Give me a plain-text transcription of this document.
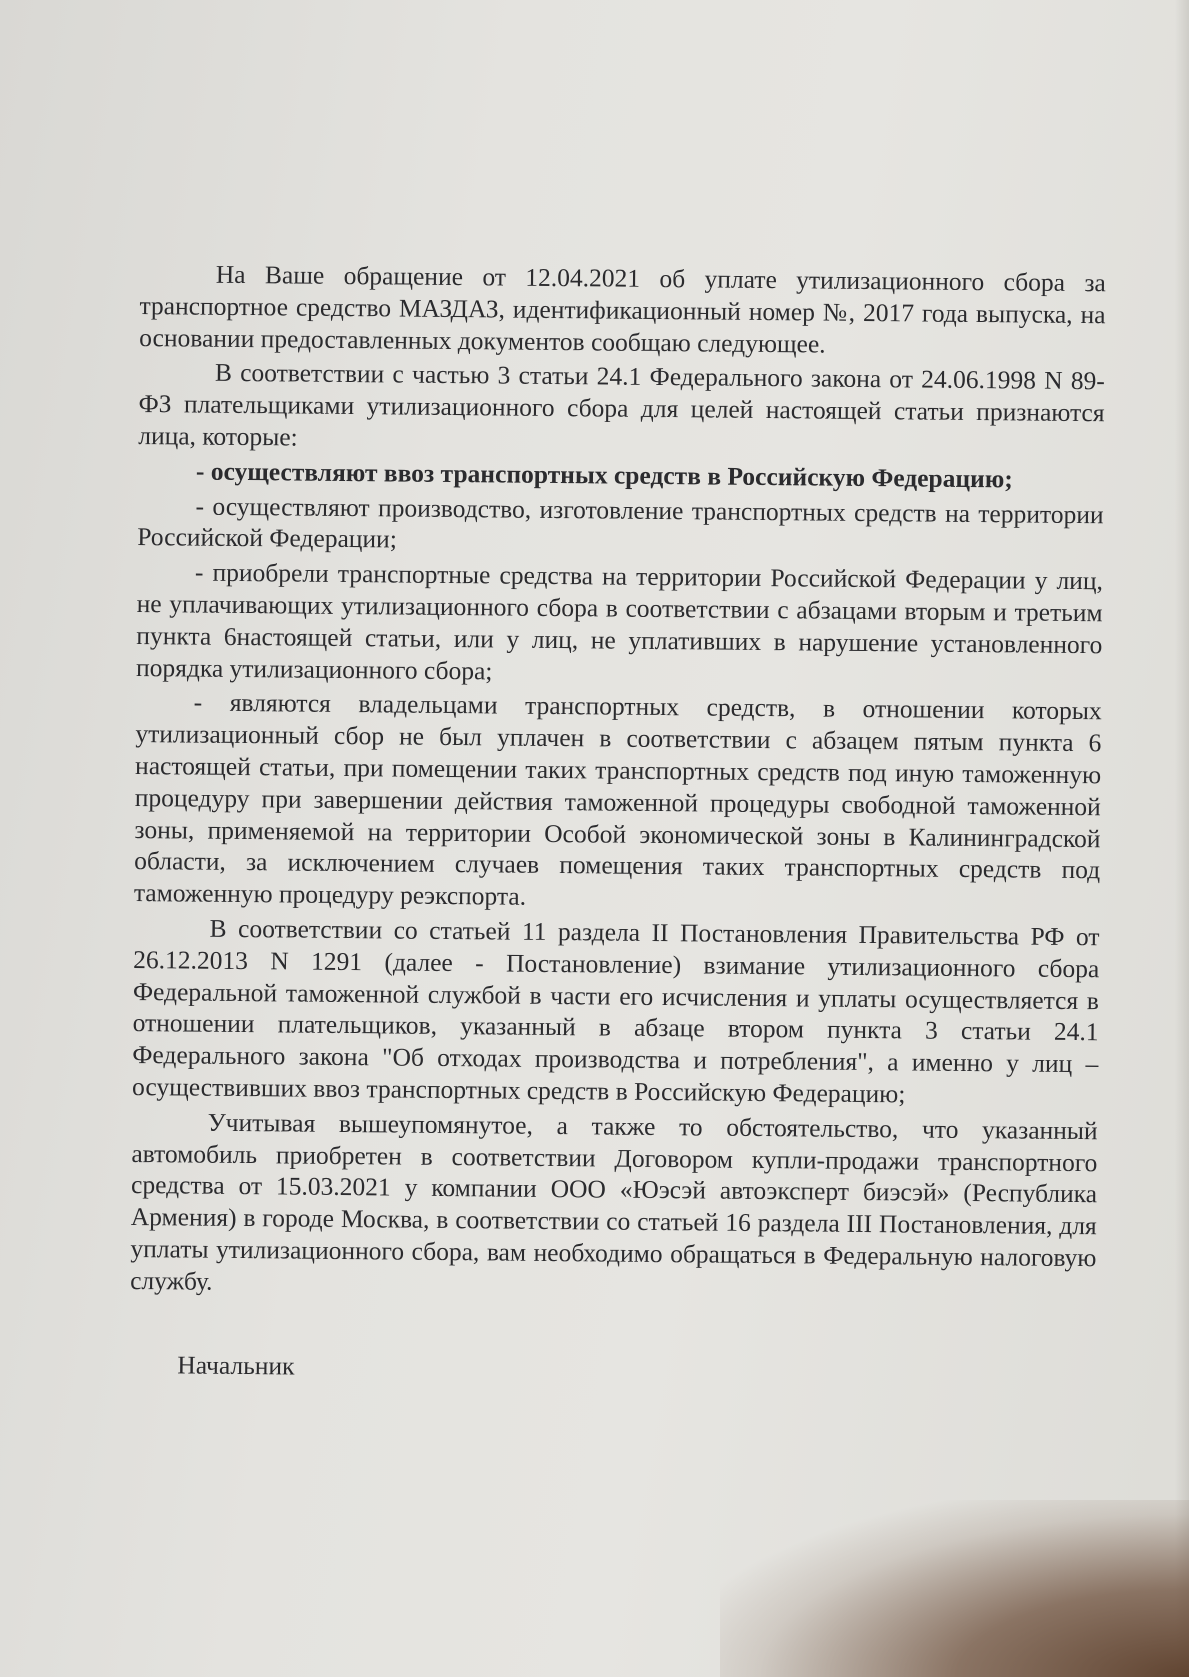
На Ваше обращение от 12.04.2021 об уплате утилизационного сбора за транспортное средство МАЗДАЗ, идентификационный номер №, 2017 года выпуска, на основании предоставленных документов сообщаю следующее.

В соответствии с частью 3 статьи 24.1 Федерального закона от 24.06.1998 N 89-ФЗ плательщиками утилизационного сбора для целей настоящей статьи признаются лица, которые:

- осуществляют ввоз транспортных средств в Российскую Федерацию;

- осуществляют производство, изготовление транспортных средств на территории Российской Федерации;

- приобрели транспортные средства на территории Российской Федерации у лиц, не уплачивающих утилизационного сбора в соответствии с абзацами вторым и третьим пункта 6настоящей статьи, или у лиц, не уплативших в нарушение установленного порядка утилизационного сбора;

- являются владельцами транспортных средств, в отношении которых утилизационный сбор не был уплачен в соответствии с абзацем пятым пункта 6 настоящей статьи, при помещении таких транспортных средств под иную таможенную процедуру при завершении действия таможенной процедуры свободной таможенной зоны, применяемой на территории Особой экономической зоны в Калининградской области, за исключением случаев помещения таких транспортных средств под таможенную процедуру реэкспорта.

В соответствии со статьей 11 раздела II Постановления Правительства РФ от 26.12.2013 N 1291 (далее - Постановление) взимание утилизационного сбора Федеральной таможенной службой в части его исчисления и уплаты осуществляется в отношении плательщиков, указанный в абзаце втором пункта 3 статьи 24.1 Федерального закона "Об отходах производства и потребления", а именно у лиц – осуществивших ввоз транспортных средств в Российскую Федерацию;

Учитывая вышеупомянутое, а также то обстоятельство, что указанный автомобиль приобретен в соответствии Договором купли-продажи транспортного средства от 15.03.2021 у компании ООО «Юэсэй автоэксперт биэсэй» (Республика Армения) в городе Москва, в соответствии со статьей 16 раздела III Постановления, для уплаты утилизационного сбора, вам необходимо обращаться в Федеральную налоговую службу.

Начальник
